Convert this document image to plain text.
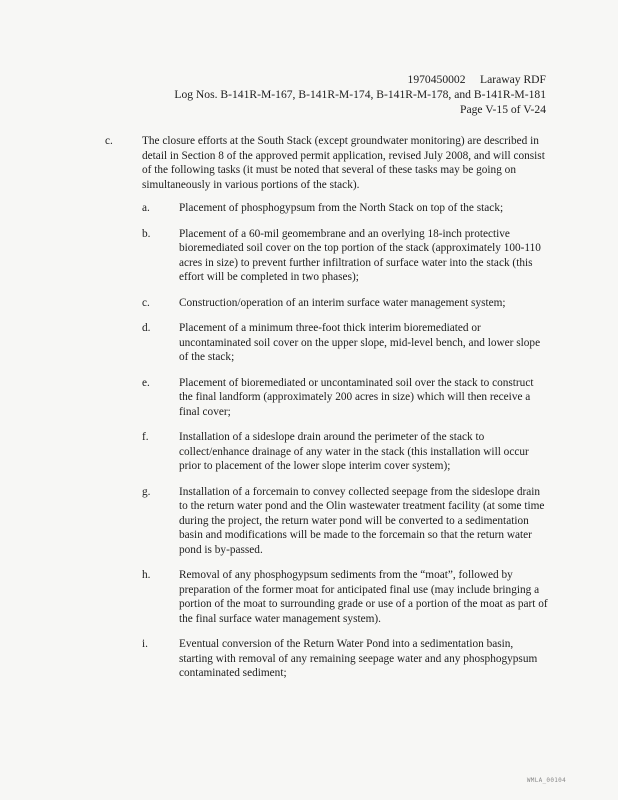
1970450002     Laraway RDF
Log Nos. B-141R-M-167, B-141R-M-174, B-141R-M-178, and B-141R-M-181
Page V-15 of V-24
c.	The closure efforts at the South Stack (except groundwater monitoring) are described in detail in Section 8 of the approved permit application, revised July 2008, and will consist of the following tasks (it must be noted that several of these tasks may be going on simultaneously in various portions of the stack).
a.	Placement of phosphogypsum from the North Stack on top of the stack;
b.	Placement of a 60-mil geomembrane and an overlying 18-inch protective bioremediated soil cover on the top portion of the stack (approximately 100-110 acres in size) to prevent further infiltration of surface water into the stack (this effort will be completed in two phases);
c.	Construction/operation of an interim surface water management system;
d.	Placement of a minimum three-foot thick interim bioremediated or uncontaminated soil cover on the upper slope, mid-level bench, and lower slope of the stack;
e.	Placement of bioremediated or uncontaminated soil over the stack to construct the final landform (approximately 200 acres in size) which will then receive a final cover;
f.	Installation of a sideslope drain around the perimeter of the stack to collect/enhance drainage of any water in the stack (this installation will occur prior to placement of the lower slope interim cover system);
g.	Installation of a forcemain to convey collected seepage from the sideslope drain to the return water pond and the Olin wastewater treatment facility (at some time during the project, the return water pond will be converted to a sedimentation basin and modifications will be made to the forcemain so that the return water pond is by-passed.
h.	Removal of any phosphogypsum sediments from the “moat”, followed by preparation of the former moat for anticipated final use (may include bringing a portion of the moat to surrounding grade or use of a portion of the moat as part of the final surface water management system).
i.	Eventual conversion of the Return Water Pond into a sedimentation basin, starting with removal of any remaining seepage water and any phosphogypsum contaminated sediment;
WMLA_00104
